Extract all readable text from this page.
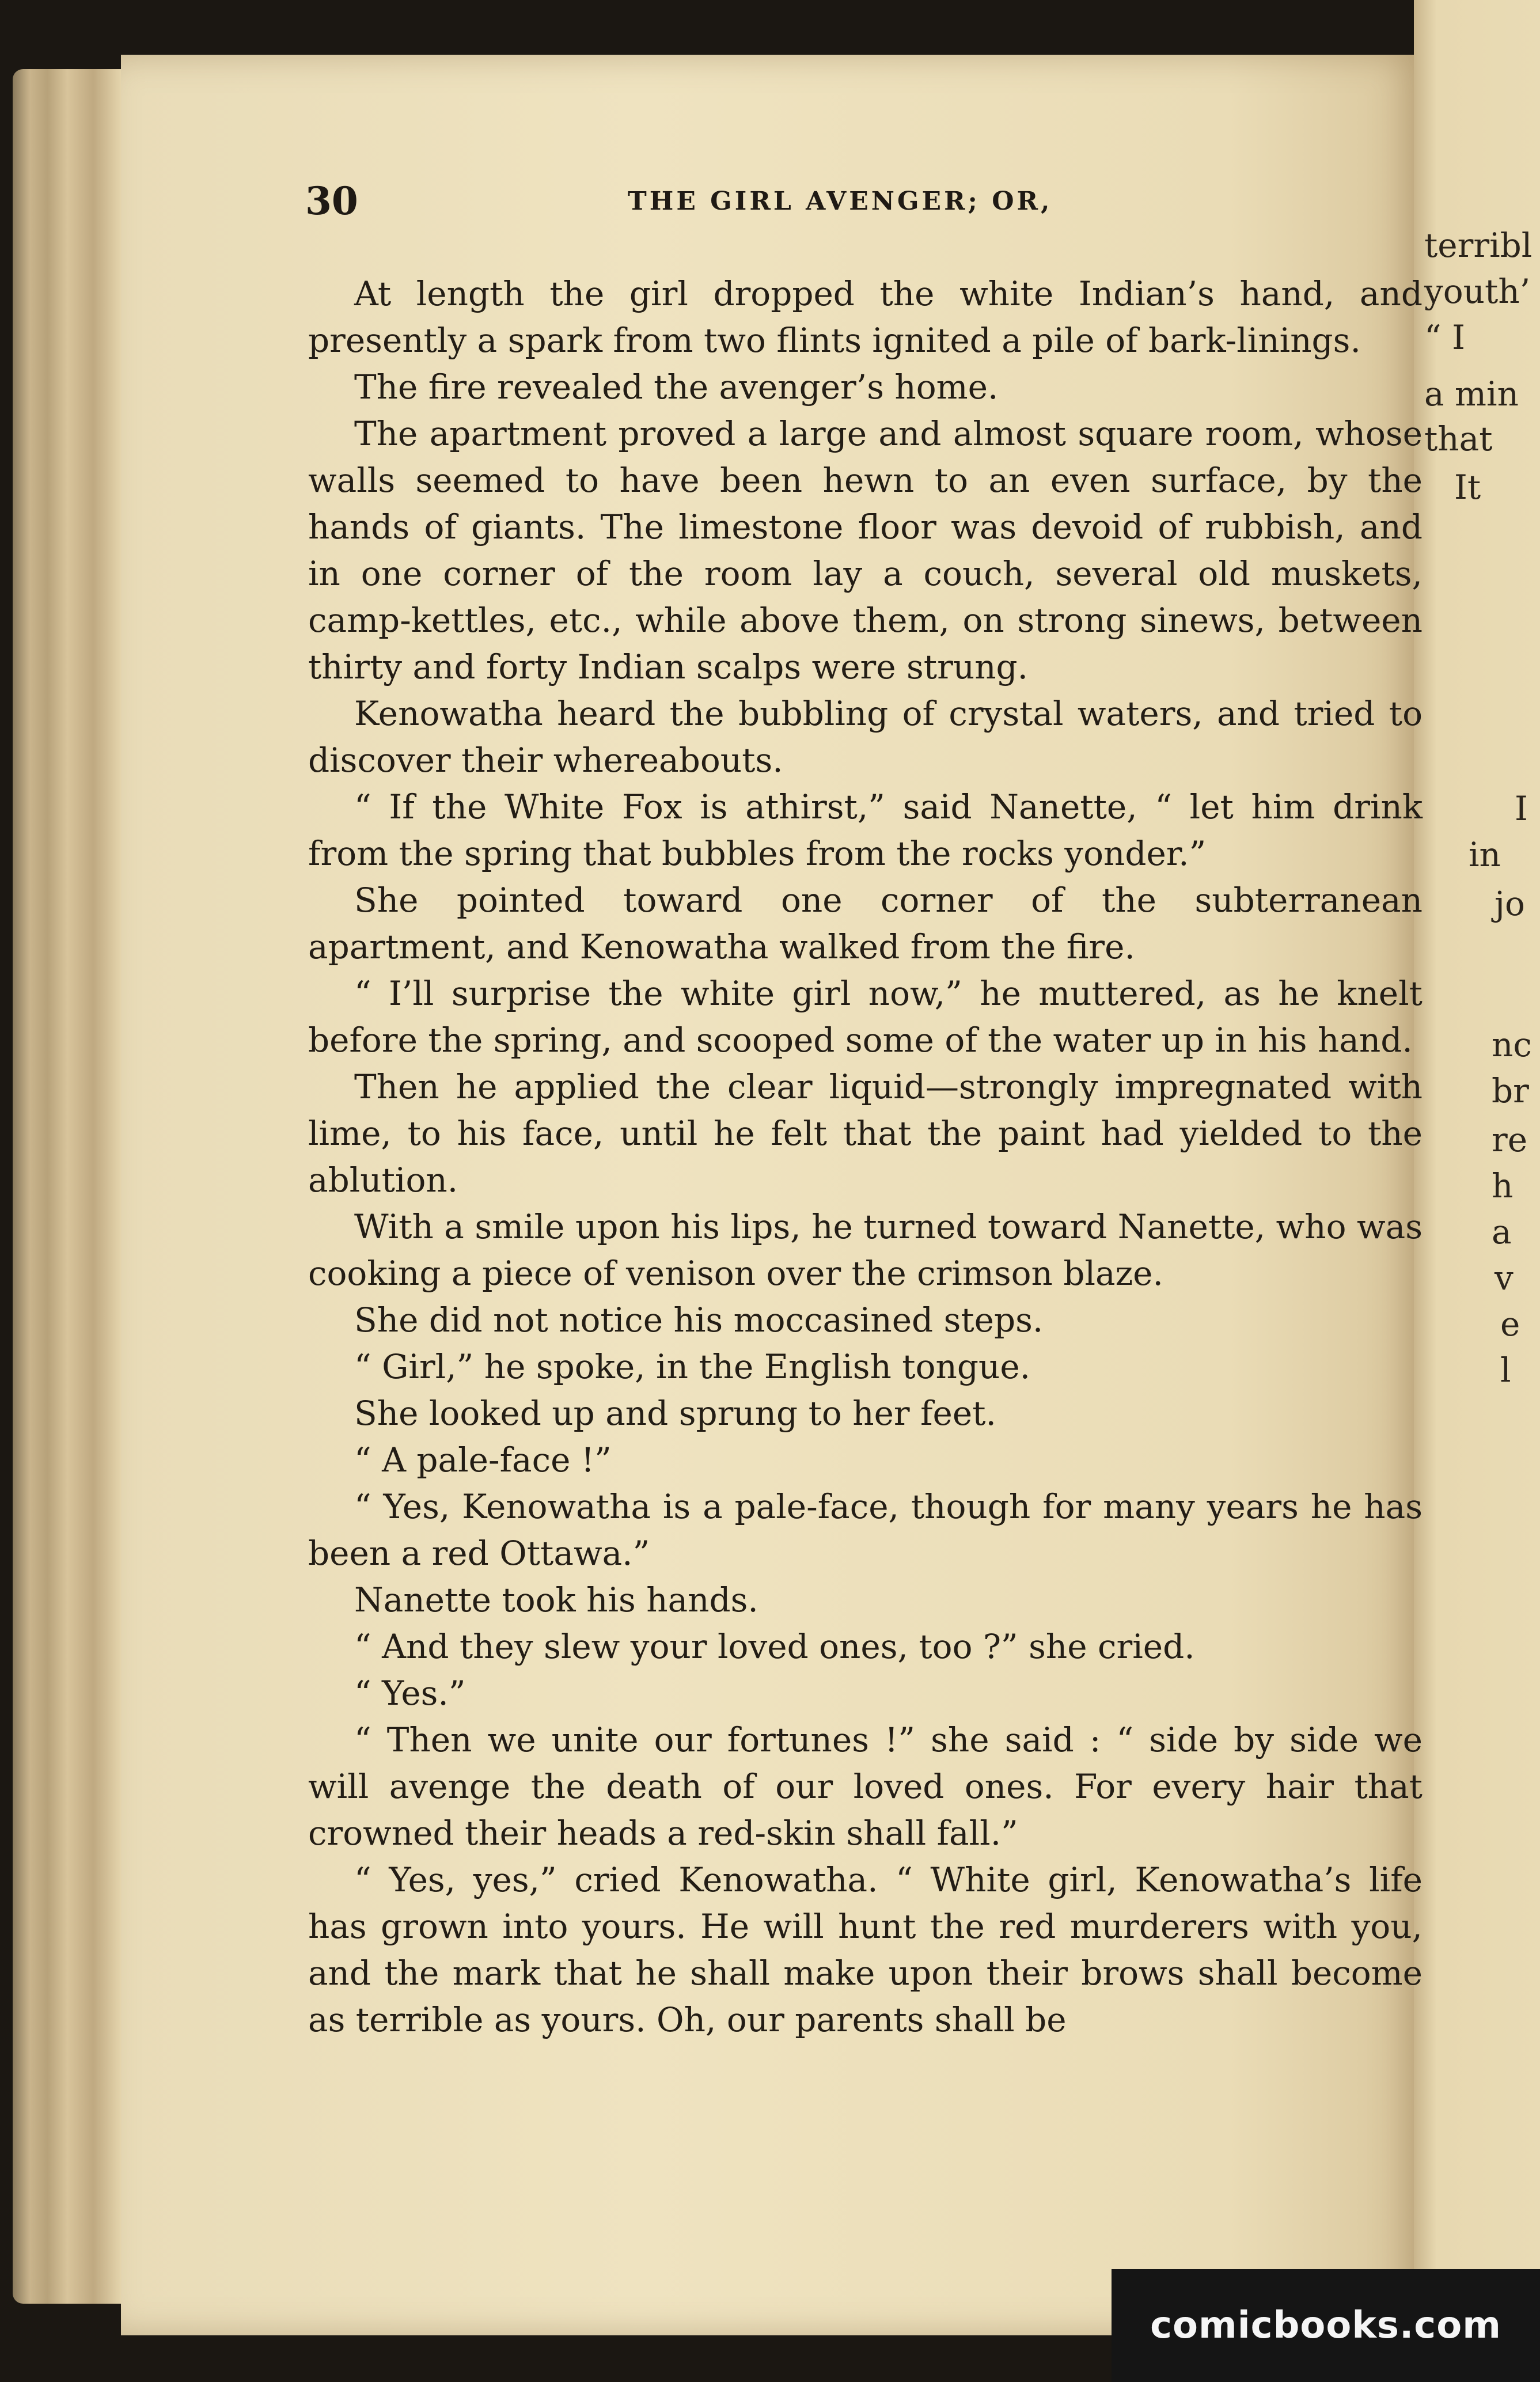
terribl
youth’
“ I
a min
that
It
I
in
jo
nc
br
re
h
a
v
e
l
30	THE GIRL AVENGER; OR,

At length the girl dropped the white Indian’s hand, and presently a spark from two flints ignited a pile of bark-linings.

The fire revealed the avenger’s home.

The apartment proved a large and almost square room, whose walls seemed to have been hewn to an even surface, by the hands of giants. The limestone floor was devoid of rubbish, and in one corner of the room lay a couch, several old muskets, camp-kettles, etc., while above them, on strong sinews, between thirty and forty Indian scalps were strung.

Kenowatha heard the bubbling of crystal waters, and tried to discover their whereabouts.

“ If the White Fox is athirst,” said Nanette, “ let him drink from the spring that bubbles from the rocks yonder.”

She pointed toward one corner of the subterranean apartment, and Kenowatha walked from the fire.

“ I’ll surprise the white girl now,” he muttered, as he knelt before the spring, and scooped some of the water up in his hand.

Then he applied the clear liquid—strongly impregnated with lime, to his face, until he felt that the paint had yielded to the ablution.

With a smile upon his lips, he turned toward Nanette, who was cooking a piece of venison over the crimson blaze.

She did not notice his moccasined steps.

“ Girl,” he spoke, in the English tongue.

She looked up and sprung to her feet.

“ A pale-face !”

“ Yes, Kenowatha is a pale-face, though for many years he has been a red Ottawa.”

Nanette took his hands.

“ And they slew your loved ones, too ?” she cried.

“ Yes.”

“ Then we unite our fortunes !” she said : “ side by side we will avenge the death of our loved ones. For every hair that crowned their heads a red-skin shall fall.”

“ Yes, yes,” cried Kenowatha. “ White girl, Kenowatha’s life has grown into yours. He will hunt the red murderers with you, and the mark that he shall make upon their brows shall become as terrible as yours. Oh, our parents shall be

comicbooks.com
